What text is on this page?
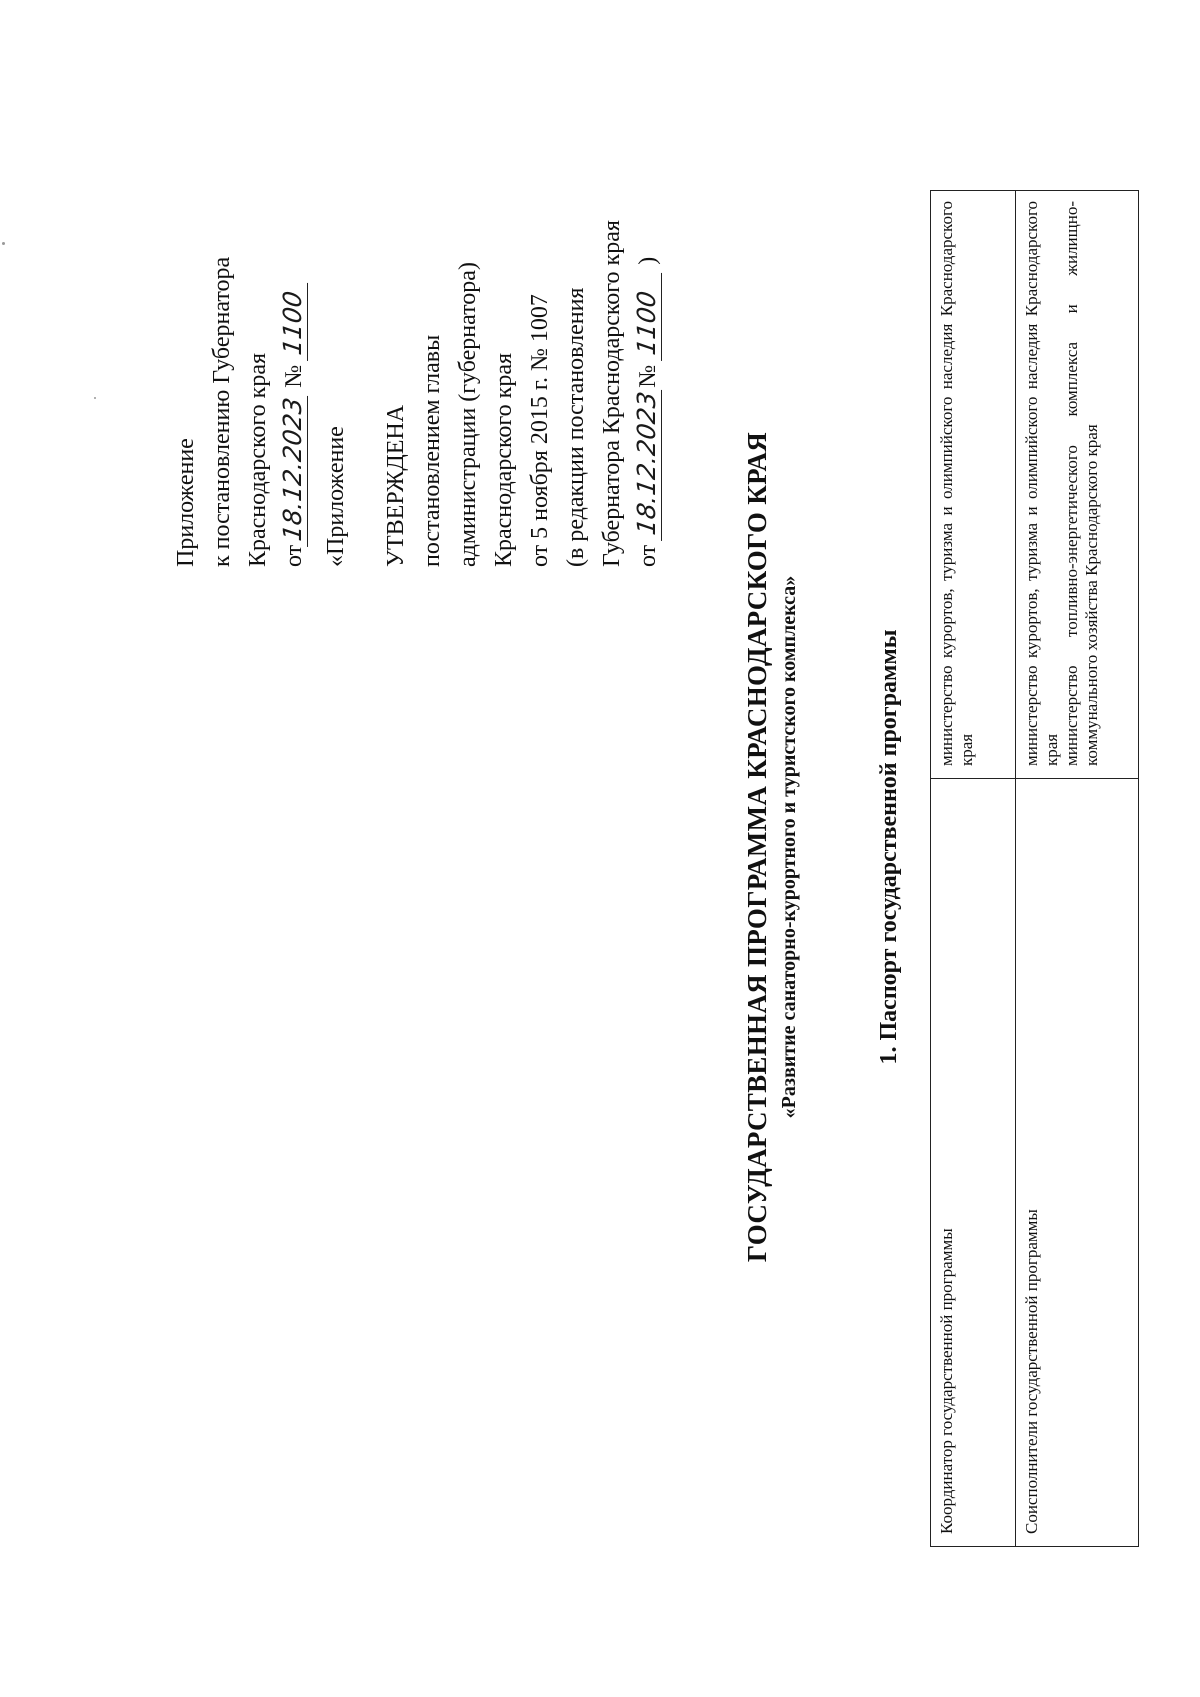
Приложение к постановлению Губернатора Краснодарского края от18.12.2023 № 1100
«Приложение УТВЕРЖДЕНА постановлением главы администрации (губернатора) Краснодарского края от 5 ноября 2015 г. № 1007 (в редакции постановления Губернатора Краснодарского края от 18.12.2023№ 1100 )
ГОСУДАРСТВЕННАЯ ПРОГРАММА КРАСНОДАРСКОГО КРАЯ «Развитие санаторно-курортного и туристского комплекса»	1. Паспорт государственной программы
Координатор государственной программы	министерство курортов, туризма и олимпийского наследия Краснодарского края
Соисполнители государственной программы	министерство курортов, туризма и олимпийского наследия Краснодарского края министерство топливно-энергетического комплекса и жилищно-коммунального хозяйства Краснодарского края
